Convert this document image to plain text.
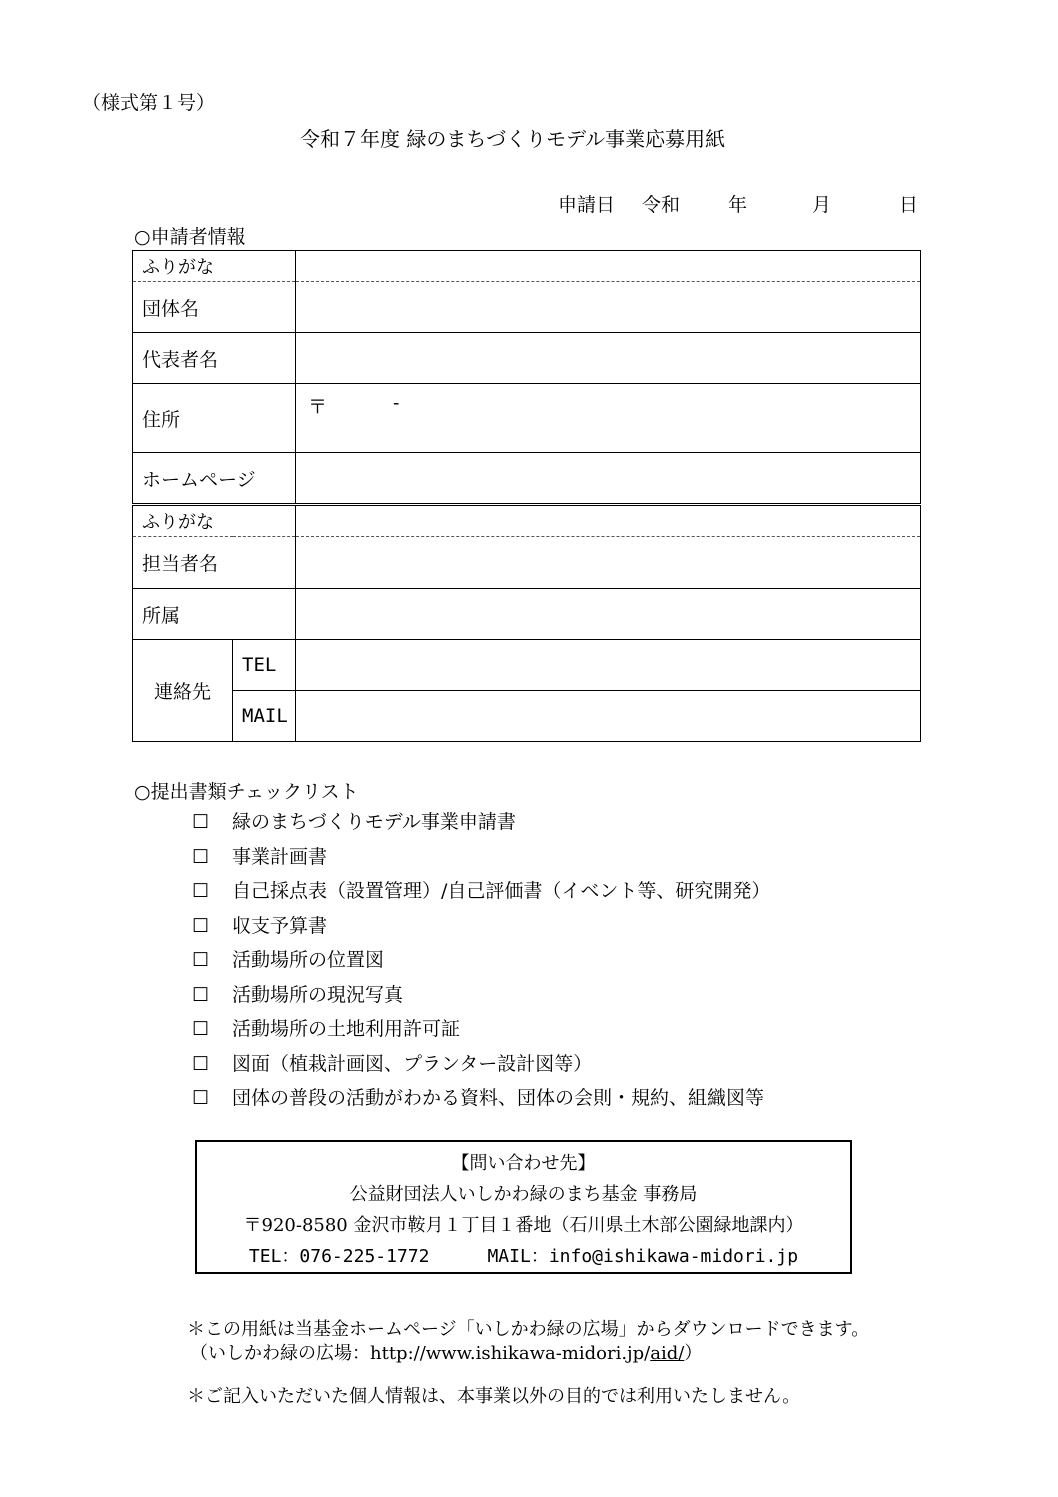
（様式第１号）
令和７年度 緑のまちづくりモデル事業応募用紙
申請日 令和	年	月	日
○申請者情報
ふりがな	
団体名	
代表者名	
住所	〒 -

ホームページ	
ふりがな		
担当者名		
所属		
連絡先	TEL	
	MAIL	
○提出書類チェックリスト
☐ 緑のまちづくりモデル事業申請書
☐ 事業計画書
☐ 自己採点表（設置管理）/自己評価書（イベント等、研究開発）
☐ 収支予算書
☐ 活動場所の位置図
☐ 活動場所の現況写真
☐ 活動場所の土地利用許可証
☐ 図面（植栽計画図、プランター設計図等）
☐ 団体の普段の活動がわかる資料、団体の会則・規約、組織図等
【問い合わせ先】
公益財団法人いしかわ緑のまち基金 事務局
〒920-8580 金沢市鞍月１丁目１番地（石川県土木部公園緑地課内）
TEL：076-225-1772	MAIL：info@ishikawa-midori.jp
＊この用紙は当基金ホームページ「いしかわ緑の広場」からダウンロードできます。
（いしかわ緑の広場：http://www.ishikawa-midori.jp/aid/）
＊ご記入いただいた個人情報は、本事業以外の目的では利用いたしません。
